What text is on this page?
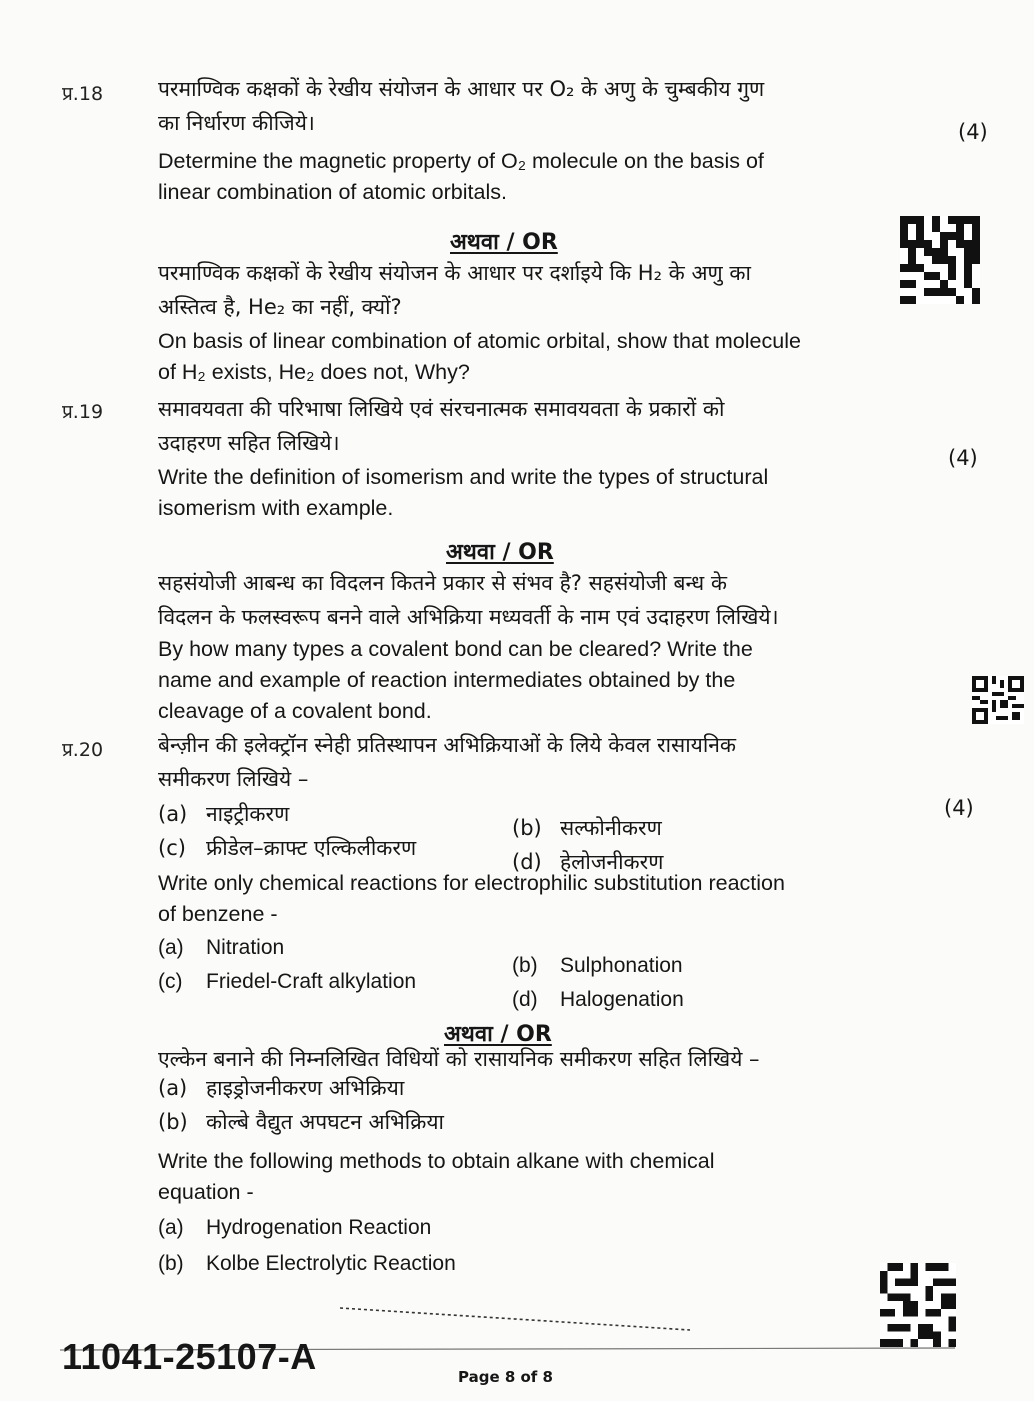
प्र.18	परमाण्विक कक्षकों के रेखीय संयोजन के आधार पर O₂ के अणु के चुम्बकीय गुण
का निर्धारण कीजिये।	(4)
Determine the magnetic property of O₂ molecule on the basis of
linear combination of atomic orbitals.
अथवा / OR
परमाण्विक कक्षकों के रेखीय संयोजन के आधार पर दर्शाइये कि H₂ के अणु का
अस्तित्व है, He₂ का नहीं, क्यों?
On basis of linear combination of atomic orbital, show that molecule
of H₂ exists, He₂ does not, Why?
प्र.19	समावयवता की परिभाषा लिखिये एवं संरचनात्मक समावयवता के प्रकारों को
उदाहरण सहित लिखिये।
(4)
Write the definition of isomerism and write the types of structural
isomerism with example.
अथवा / OR
सहसंयोजी आबन्ध का विदलन कितने प्रकार से संभव है? सहसंयोजी बन्ध के
विदलन के फलस्वरूप बनने वाले अभिक्रिया मध्यवर्ती के नाम एवं उदाहरण लिखिये।
By how many types a covalent bond can be cleared? Write the
name and example of reaction intermediates obtained by the
cleavage of a covalent bond.
प्र.20	बेन्ज़ीन की इलेक्ट्रॉन स्नेही प्रतिस्थापन अभिक्रियाओं के लिये केवल रासायनिक
समीकरण लिखिये –
(4)
(a) नाइट्रीकरण
(b) सल्फोनीकरण
(c) फ्रीडेल–क्राफ्ट एल्किलीकरण
(d) हेलोजनीकरण
Write only chemical reactions for electrophilic substitution reaction
of benzene -
(a) Nitration
(b) Sulphonation
(c) Friedel-Craft alkylation
(d) Halogenation
अथवा / OR
एल्केन बनाने की निम्नलिखित विधियों को रासायनिक समीकरण सहित लिखिये –
(a) हाइड्रोजनीकरण अभिक्रिया
(b) कोल्बे वैद्युत अपघटन अभिक्रिया
Write the following methods to obtain alkane with chemical
equation -
(a) Hydrogenation Reaction
(b) Kolbe Electrolytic Reaction
11041-25107-A	Page 8 of 8
